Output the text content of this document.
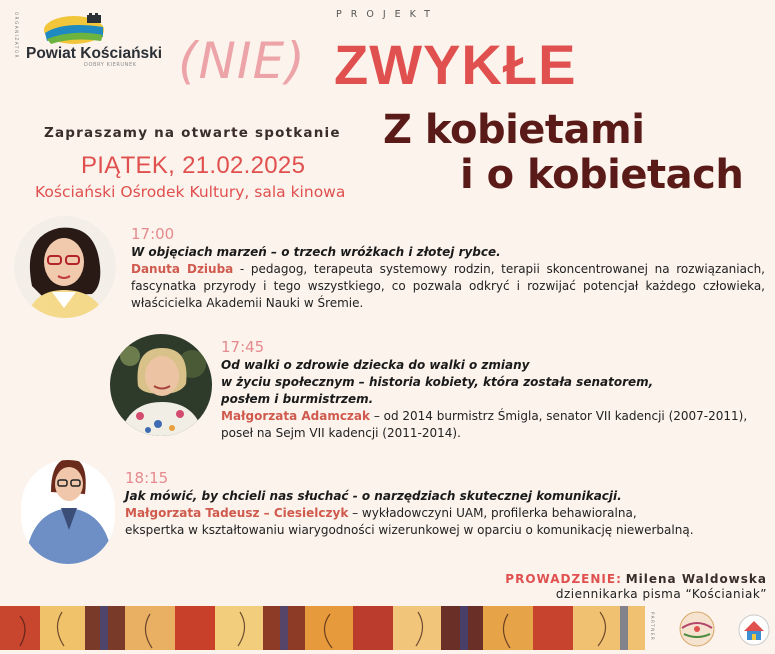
ORGANIZATOR Powiat Kościański
DOBRY KIERUNEK
PROJEKT
(NIE) ZWYKŁE
Zapraszamy na otwarte spotkanie
PIĄTEK, 21.02.2025
Kościański Ośrodek Kultury, sala kinowa
Z kobietami
i o kobietach
17:00
W objęciach marzeń – o trzech wróżkach i złotej rybce.
Danuta Dziuba - pedagog, terapeuta systemowy rodzin, terapii skoncentrowanej na rozwiązaniach, fascynatka przyrody i tego wszystkiego, co pozwala odkryć i rozwijać potencjał każdego człowieka, właścicielka Akademii Nauki w Śremie.
17:45
Od walki o zdrowie dziecka do walki o zmiany
w życiu społecznym – historia kobiety, która została senatorem,
posłem i burmistrzem.
Małgorzata Adamczak – od 2014 burmistrz Śmigla, senator VII kadencji (2007-2011),
poseł na Sejm VII kadencji (2011-2014).
18:15
Jak mówić, by chcieli nas słuchać - o narzędziach skutecznej komunikacji.
Małgorzata Tadeusz – Ciesielczyk – wykładowczyni UAM, profilerka behawioralna,
ekspertka w kształtowaniu wiarygodności wizerunkowej w oparciu o komunikację niewerbalną.
PROWADZENIE: Milena Waldowska
dziennikarka pisma “Kościaniak”
PARTNER
